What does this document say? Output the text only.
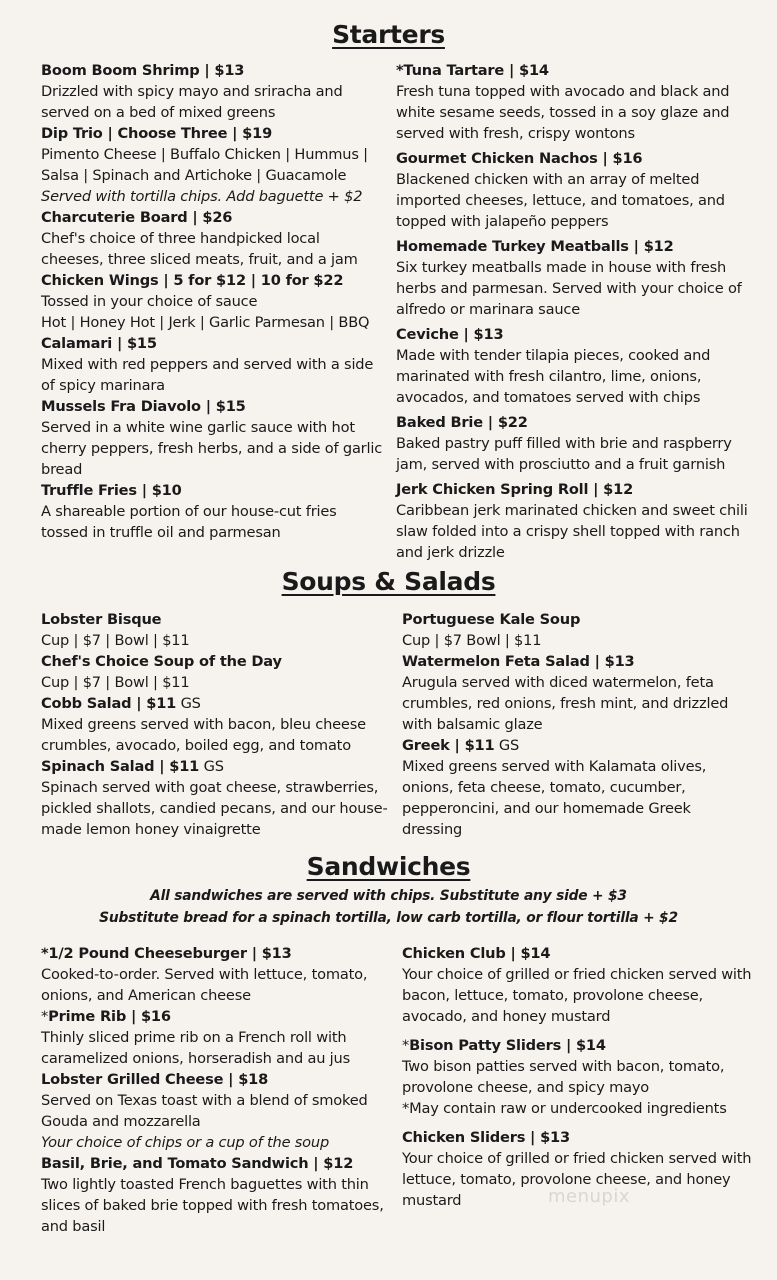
Starters
Boom Boom Shrimp | $13
Drizzled with spicy mayo and sriracha and served on a bed of mixed greens
Dip Trio | Choose Three | $19
Pimento Cheese | Buffalo Chicken | Hummus | Salsa | Spinach and Artichoke | Guacamole
Served with tortilla chips. Add baguette + $2
Charcuterie Board | $26
Chef's choice of three handpicked local cheeses, three sliced meats, fruit, and a jam
Chicken Wings | 5 for $12 | 10 for $22
Tossed in your choice of sauce
Hot | Honey Hot | Jerk | Garlic Parmesan | BBQ
Calamari | $15
Mixed with red peppers and served with a side of spicy marinara
Mussels Fra Diavolo | $15
Served in a white wine garlic sauce with hot cherry peppers, fresh herbs, and a side of garlic bread
Truffle Fries | $10
A shareable portion of our house-cut fries tossed in truffle oil and parmesan
*Tuna Tartare | $14
Fresh tuna topped with avocado and black and white sesame seeds, tossed in a soy glaze and served with fresh, crispy wontons
Gourmet Chicken Nachos | $16
Blackened chicken with an array of melted imported cheeses, lettuce, and tomatoes, and topped with jalapeño peppers
Homemade Turkey Meatballs | $12
Six turkey meatballs made in house with fresh herbs and parmesan. Served with your choice of alfredo or marinara sauce
Ceviche | $13
Made with tender tilapia pieces, cooked and marinated with fresh cilantro, lime, onions, avocados, and tomatoes served with chips
Baked Brie | $22
Baked pastry puff filled with brie and raspberry jam, served with prosciutto and a fruit garnish
Jerk Chicken Spring Roll | $12
Caribbean jerk marinated chicken and sweet chili slaw folded into a crispy shell topped with ranch and jerk drizzle
Soups & Salads
Lobster Bisque
Cup | $7 | Bowl | $11
Chef's Choice Soup of the Day
Cup | $7 | Bowl | $11
Cobb Salad | $11 GS
Mixed greens served with bacon, bleu cheese crumbles, avocado, boiled egg, and tomato
Spinach Salad | $11 GS
Spinach served with goat cheese, strawberries, pickled shallots, candied pecans, and our house-made lemon honey vinaigrette
Portuguese Kale Soup
Cup | $7 Bowl | $11
Watermelon Feta Salad | $13
Arugula served with diced watermelon, feta crumbles, red onions, fresh mint, and drizzled with balsamic glaze
Greek | $11 GS
Mixed greens served with Kalamata olives, onions, feta cheese, tomato, cucumber, pepperoncini, and our homemade Greek dressing
Sandwiches
All sandwiches are served with chips. Substitute any side + $3
Substitute bread for a spinach tortilla, low carb tortilla, or flour tortilla + $2
*1/2 Pound Cheeseburger | $13
Cooked-to-order. Served with lettuce, tomato, onions, and American cheese
*Prime Rib | $16
Thinly sliced prime rib on a French roll with caramelized onions, horseradish and au jus
Lobster Grilled Cheese | $18
Served on Texas toast with a blend of smoked Gouda and mozzarella
Your choice of chips or a cup of the soup
Basil, Brie, and Tomato Sandwich | $12
Two lightly toasted French baguettes with thin slices of baked brie topped with fresh tomatoes, and basil
Chicken Club | $14
Your choice of grilled or fried chicken served with bacon, lettuce, tomato, provolone cheese, avocado, and honey mustard
*Bison Patty Sliders | $14
Two bison patties served with bacon, tomato, provolone cheese, and spicy mayo
*May contain raw or undercooked ingredients
Chicken Sliders | $13
Your choice of grilled or fried chicken served with lettuce, tomato, provolone cheese, and honey mustard	menupix
